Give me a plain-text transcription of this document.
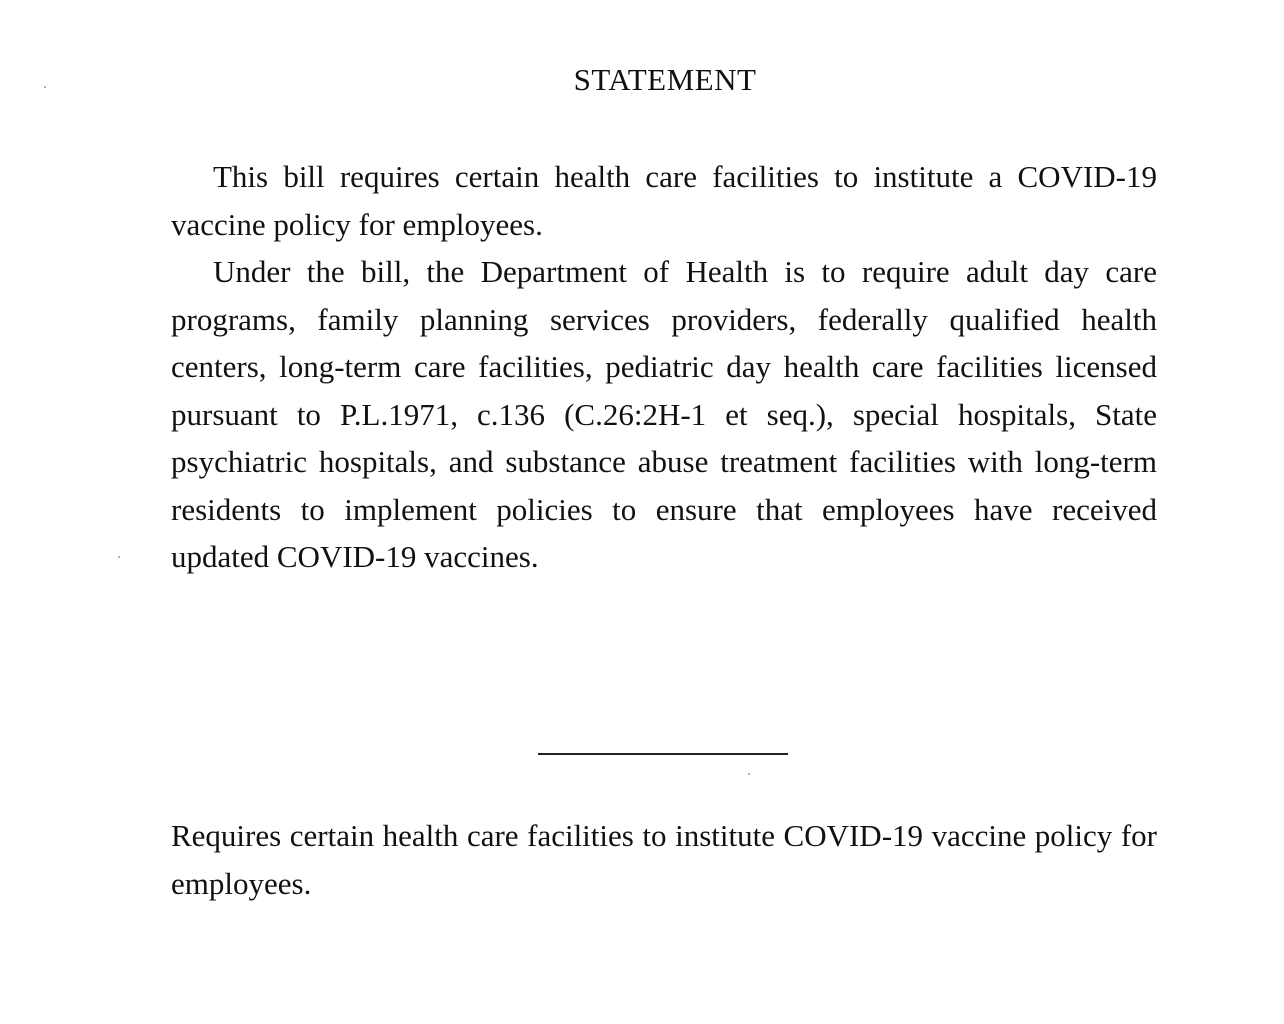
STATEMENT

This bill requires certain health care facilities to institute a COVID-19 vaccine policy for employees.

Under the bill, the Department of Health is to require adult day care programs, family planning services providers, federally qualified health centers, long-term care facilities, pediatric day health care facilities licensed pursuant to P.L.1971, c.136 (C.26:2H-1 et seq.), special hospitals, State psychiatric hospitals, and substance abuse treatment facilities with long-term residents to implement policies to ensure that employees have received updated COVID-19 vaccines.

Requires certain health care facilities to institute COVID-19 vaccine policy for employees.
